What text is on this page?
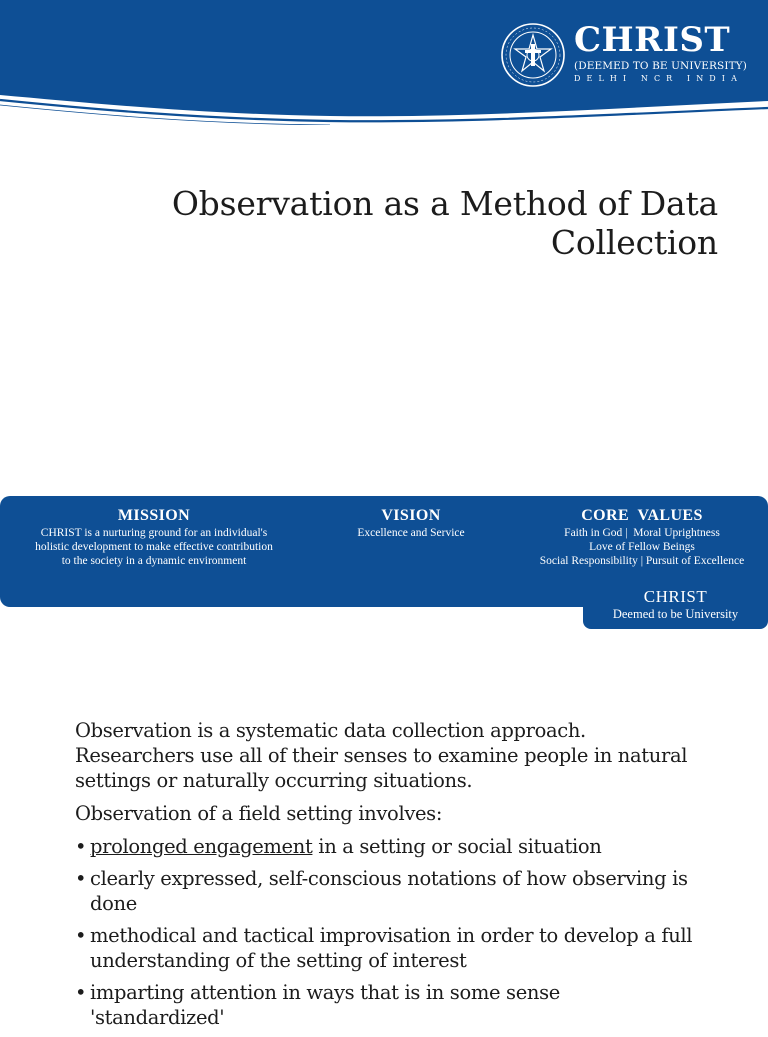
CHRIST
(DEEMED TO BE UNIVERSITY)
DELHI NCR INDIA
Observation as a Method of Data
Collection
MISSION
CHRIST is a nurturing ground for an individual's
holistic development to make effective contribution
to the society in a dynamic environment
VISION
Excellence and Service
CORE  VALUES
Faith in God |  Moral Uprightness
Love of Fellow Beings
Social Responsibility | Pursuit of Excellence
CHRIST
Deemed to be University

Observation is a systematic data collection approach. Researchers use all of their senses to examine people in natural settings or naturally occurring situations.

Observation of a field setting involves:

• prolonged engagement in a setting or social situation
• clearly expressed, self-conscious notations of how observing is done
• methodical and tactical improvisation in order to develop a full understanding of the setting of interest
• imparting attention in ways that is in some sense 'standardized'
